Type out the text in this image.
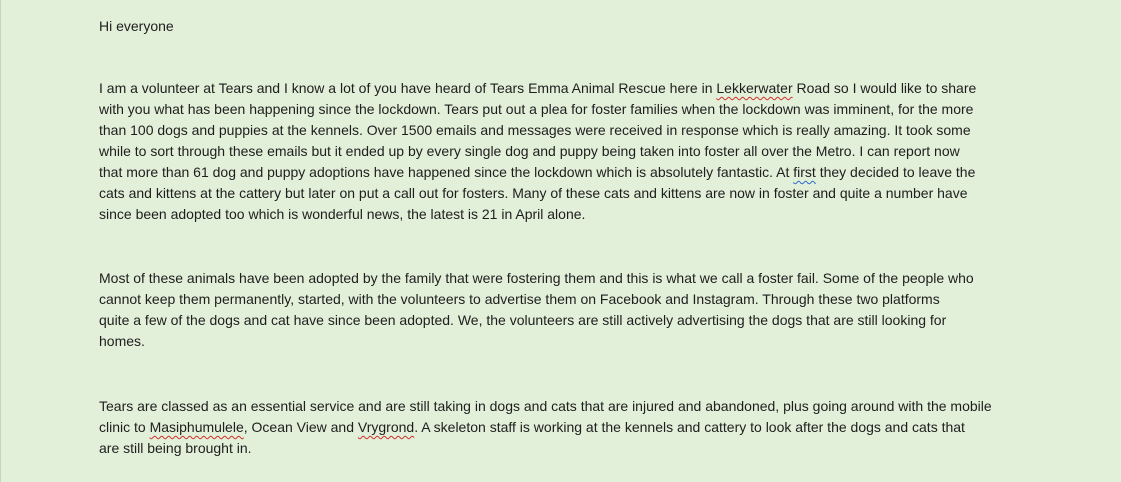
Hi everyone

I am a volunteer at Tears and I know a lot of you have heard of Tears Emma Animal Rescue here in Lekkerwater Road so I would like to share
with you what has been happening since the lockdown. Tears put out a plea for foster families when the lockdown was imminent, for the more
than 100 dogs and puppies at the kennels. Over 1500 emails and messages were received in response which is really amazing. It took some
while to sort through these emails but it ended up by every single dog and puppy being taken into foster all over the Metro. I can report now
that more than 61 dog and puppy adoptions have happened since the lockdown which is absolutely fantastic. At first they decided to leave the
cats and kittens at the cattery but later on put a call out for fosters. Many of these cats and kittens are now in foster and quite a number have
since been adopted too which is wonderful news, the latest is 21 in April alone.

Most of these animals have been adopted by the family that were fostering them and this is what we call a foster fail. Some of the people who
cannot keep them permanently, started, with the volunteers to advertise them on Facebook and Instagram. Through these two platforms
quite a few of the dogs and cat have since been adopted. We, the volunteers are still actively advertising the dogs that are still looking for
homes.

Tears are classed as an essential service and are still taking in dogs and cats that are injured and abandoned, plus going around with the mobile
clinic to Masiphumulele, Ocean View and Vrygrond. A skeleton staff is working at the kennels and cattery to look after the dogs and cats that
are still being brought in.
